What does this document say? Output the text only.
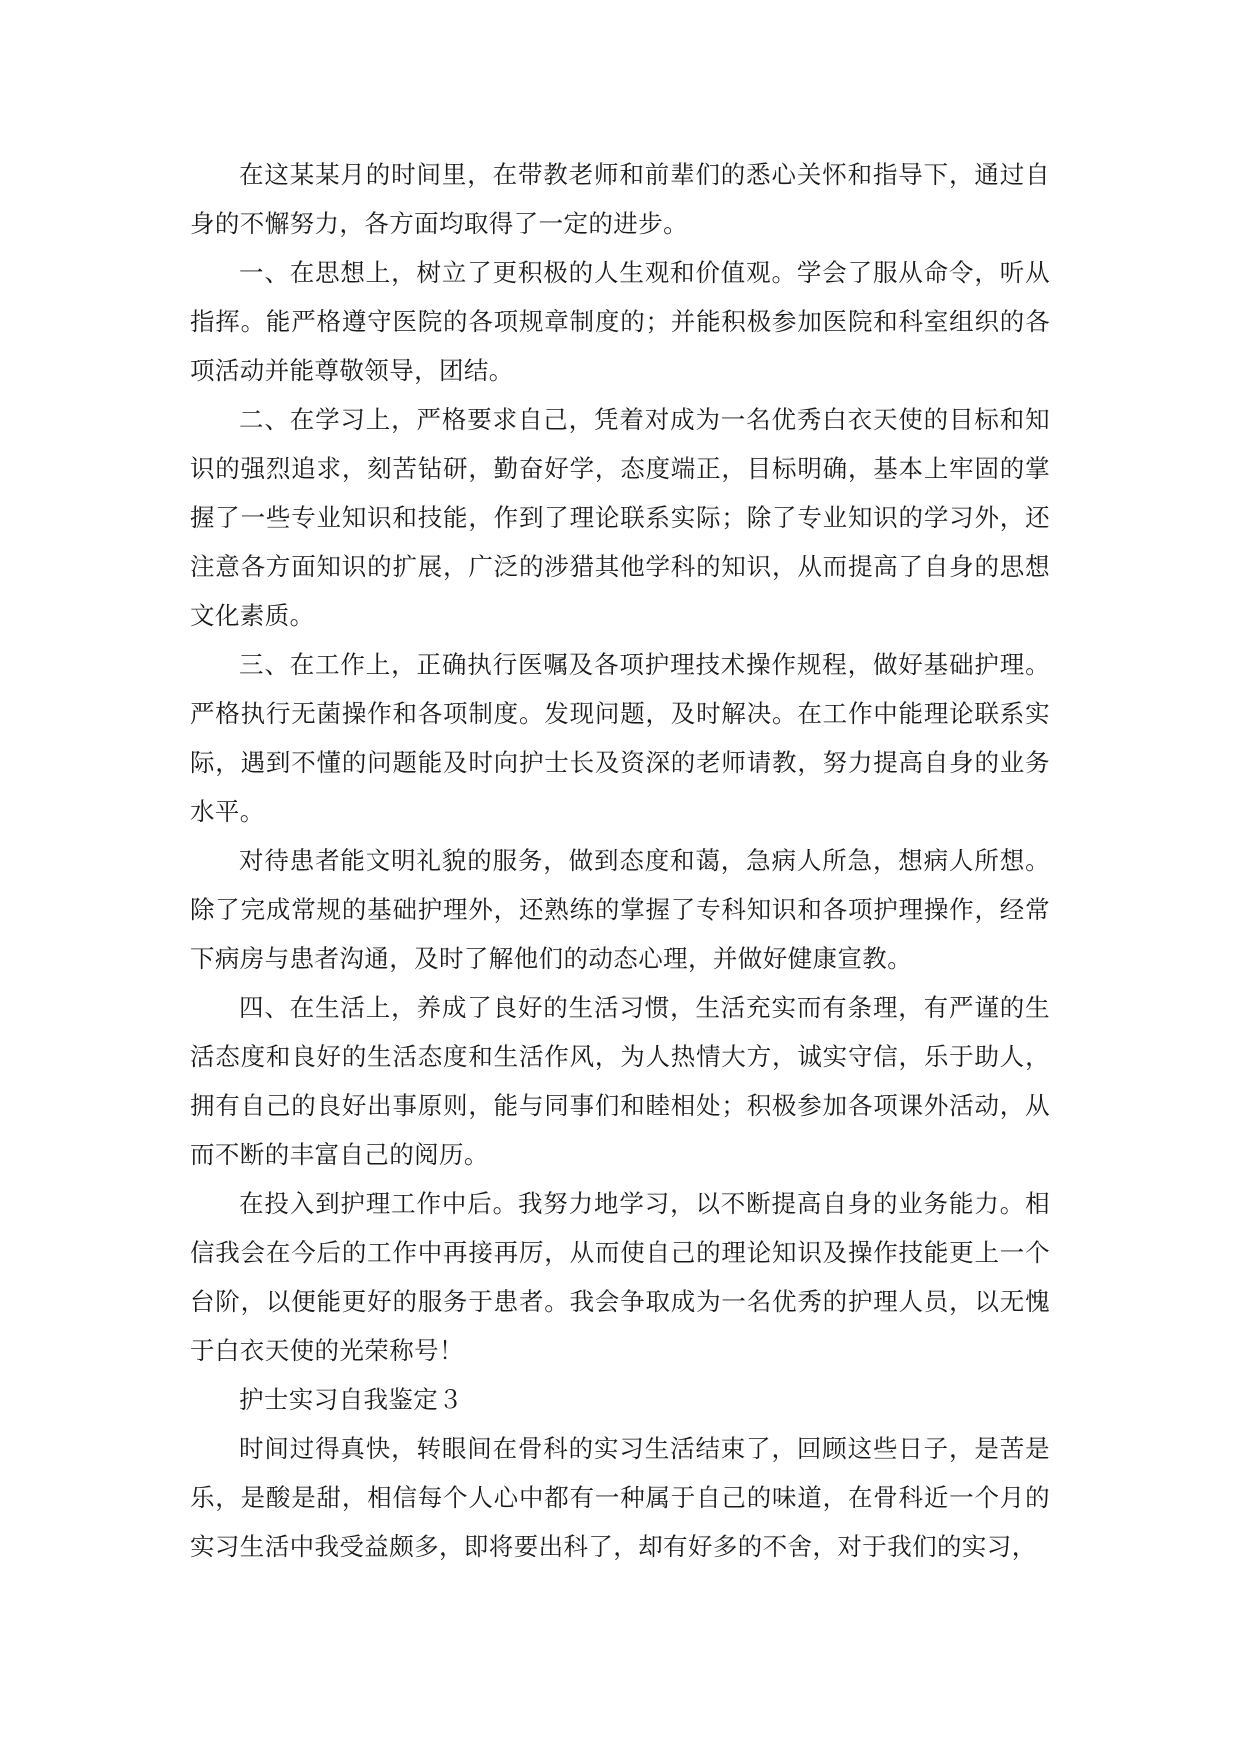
在这某某月的时间里，在带教老师和前辈们的悉心关怀和指导下，通过自身的不懈努力，各方面均取得了一定的进步。

一、在思想上，树立了更积极的人生观和价值观。学会了服从命令，听从指挥。能严格遵守医院的各项规章制度的；并能积极参加医院和科室组织的各项活动并能尊敬领导，团结。

二、在学习上，严格要求自己，凭着对成为一名优秀白衣天使的目标和知识的强烈追求，刻苦钻研，勤奋好学，态度端正，目标明确，基本上牢固的掌握了一些专业知识和技能，作到了理论联系实际；除了专业知识的学习外，还注意各方面知识的扩展，广泛的涉猎其他学科的知识，从而提高了自身的思想文化素质。

三、在工作上，正确执行医嘱及各项护理技术操作规程，做好基础护理。严格执行无菌操作和各项制度。发现问题，及时解决。在工作中能理论联系实际，遇到不懂的问题能及时向护士长及资深的老师请教，努力提高自身的业务水平。

对待患者能文明礼貌的服务，做到态度和蔼，急病人所急，想病人所想。除了完成常规的基础护理外，还熟练的掌握了专科知识和各项护理操作，经常下病房与患者沟通，及时了解他们的动态心理，并做好健康宣教。

四、在生活上，养成了良好的生活习惯，生活充实而有条理，有严谨的生活态度和良好的生活态度和生活作风，为人热情大方，诚实守信，乐于助人，拥有自己的良好出事原则，能与同事们和睦相处；积极参加各项课外活动，从而不断的丰富自己的阅历。

在投入到护理工作中后。我努力地学习，以不断提高自身的业务能力。相信我会在今后的工作中再接再厉，从而使自己的理论知识及操作技能更上一个台阶，以便能更好的服务于患者。我会争取成为一名优秀的护理人员，以无愧于白衣天使的光荣称号！

护士实习自我鉴定３

时间过得真快，转眼间在骨科的实习生活结束了，回顾这些日子，是苦是乐，是酸是甜，相信每个人心中都有一种属于自己的味道，在骨科近一个月的实习生活中我受益颇多，即将要出科了，却有好多的不舍，对于我们的实习，
